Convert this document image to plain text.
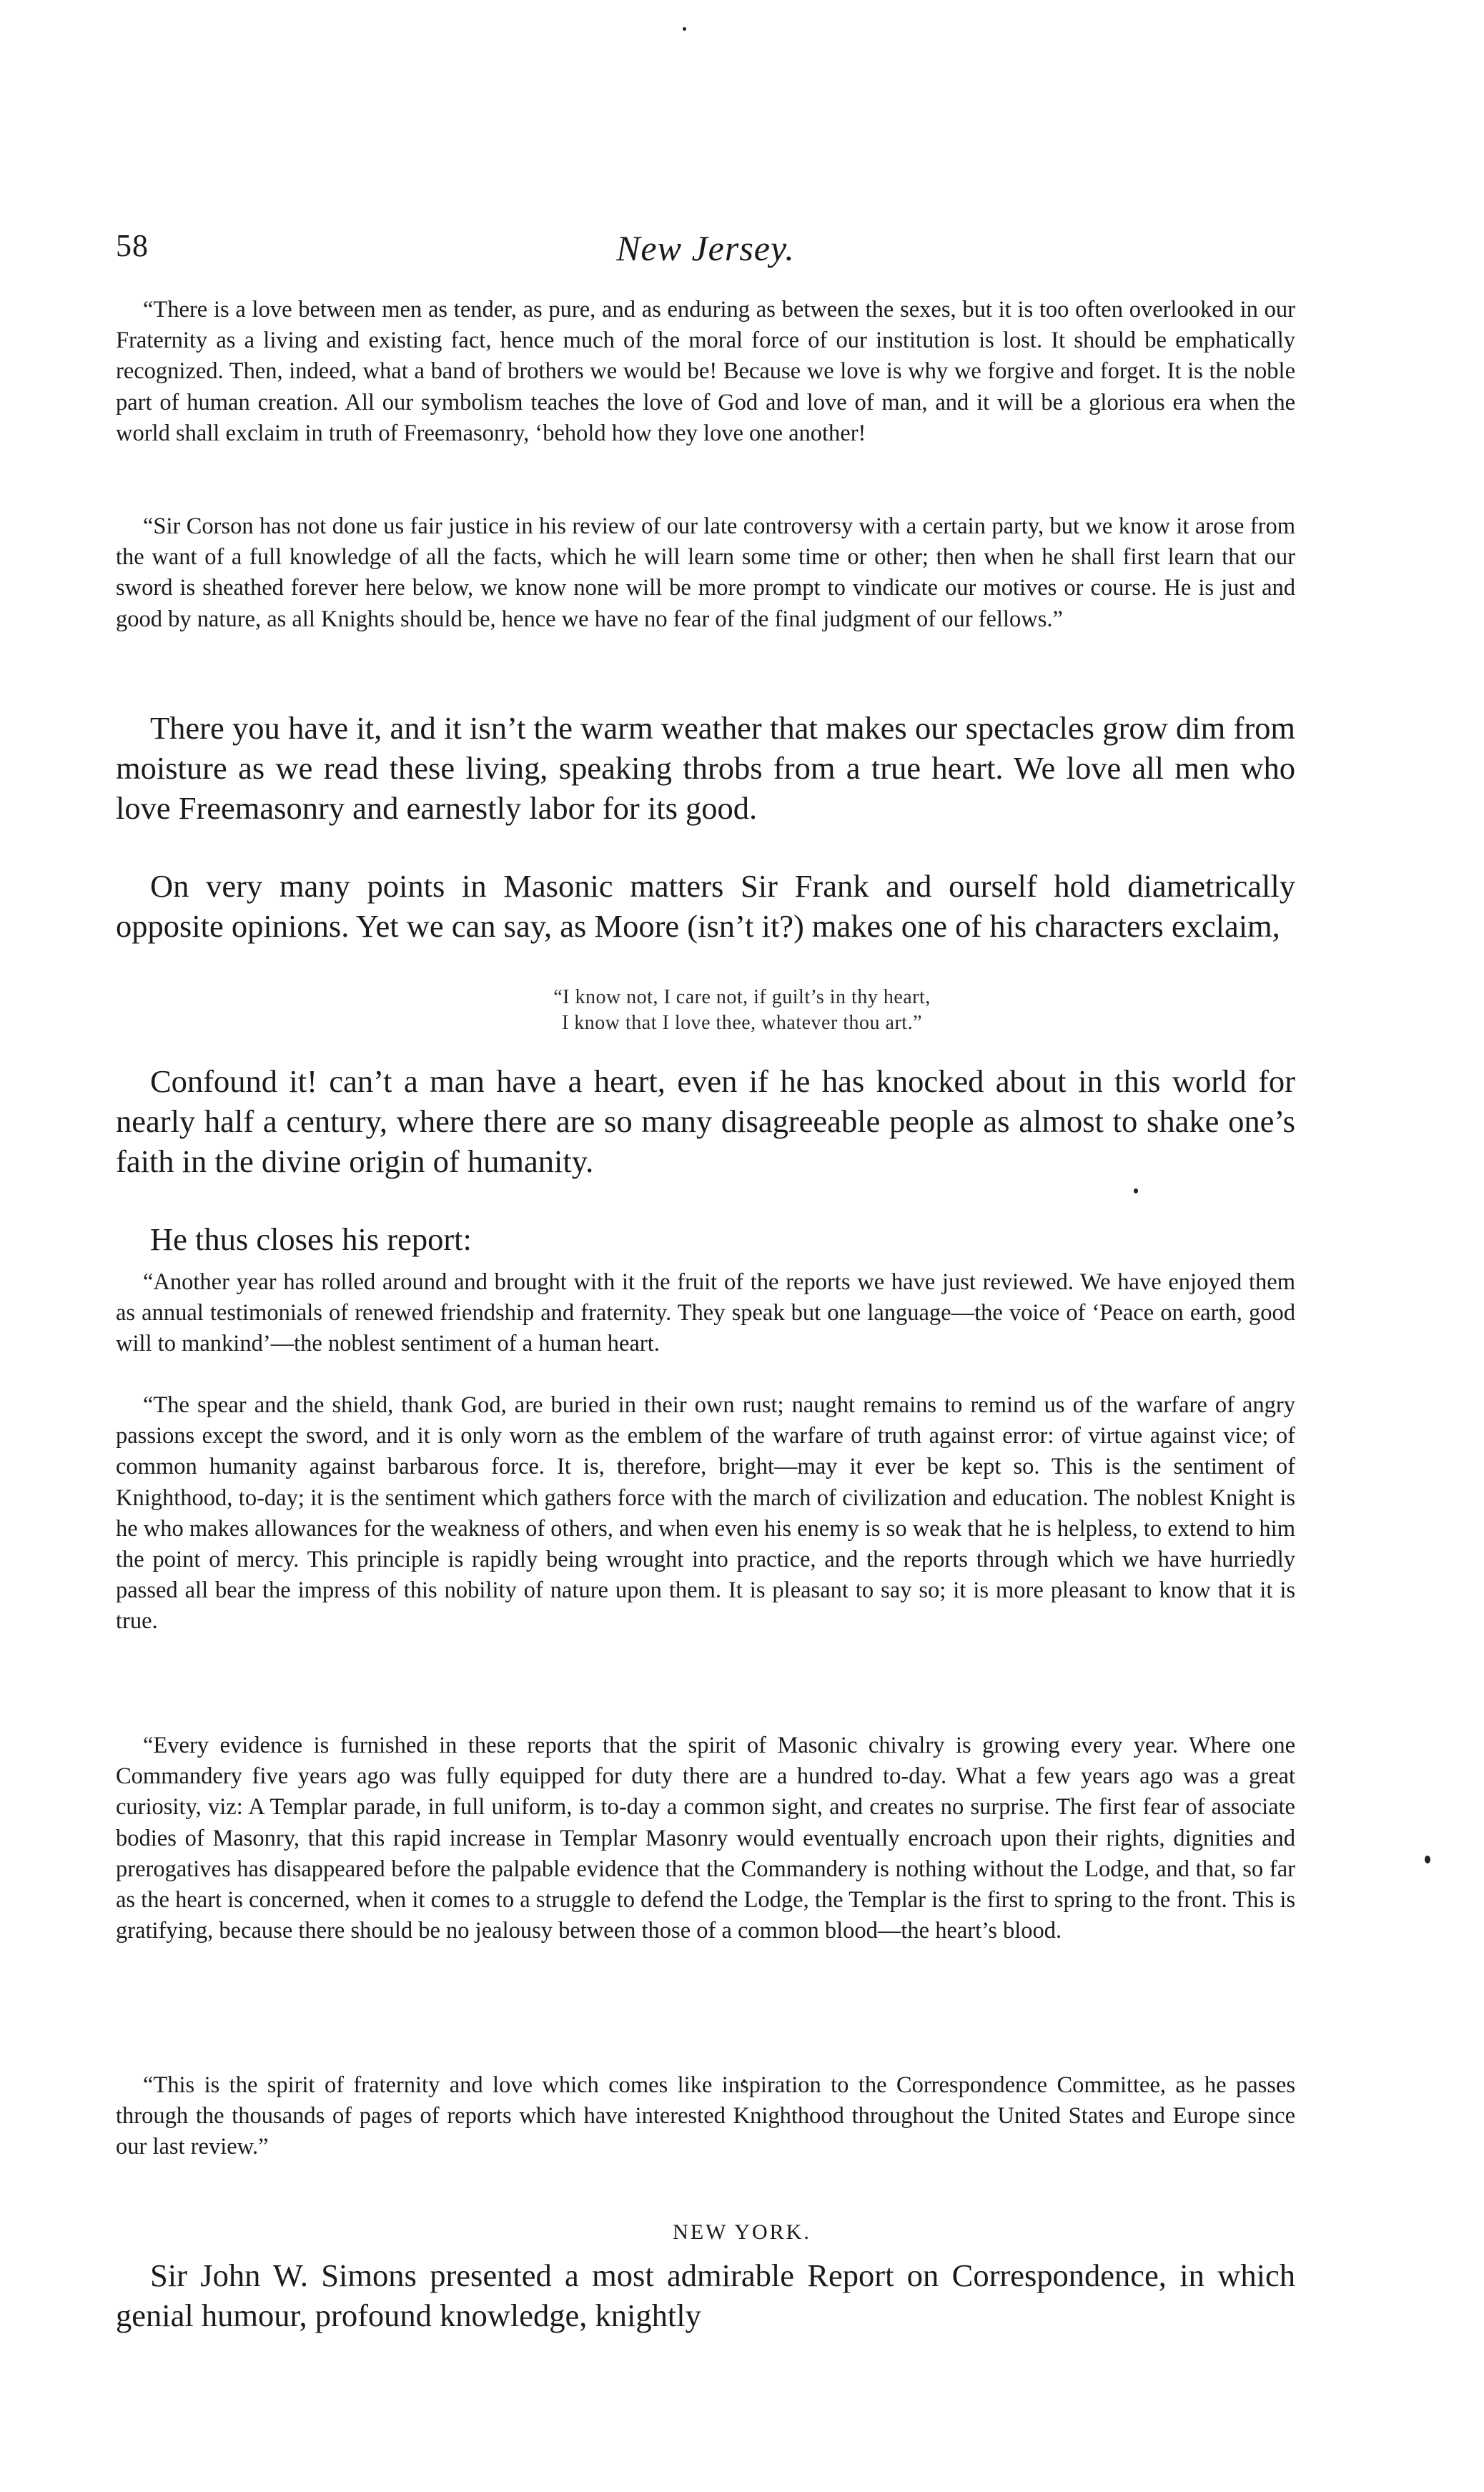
58	New Jersey.

“There is a love between men as tender, as pure, and as enduring as between the sexes, but it is too often overlooked in our Fraternity as a living and existing fact, hence much of the moral force of our institution is lost. It should be emphatically recognized. Then, indeed, what a band of brothers we would be! Because we love is why we forgive and forget. It is the noble part of human creation. All our symbolism teaches the love of God and love of man, and it will be a glorious era when the world shall exclaim in truth of Freemasonry, ‘behold how they love one another!

“Sir Corson has not done us fair justice in his review of our late controversy with a certain party, but we know it arose from the want of a full knowledge of all the facts, which he will learn some time or other; then when he shall first learn that our sword is sheathed forever here below, we know none will be more prompt to vindicate our motives or course. He is just and good by nature, as all Knights should be, hence we have no fear of the final judgment of our fellows.”

There you have it, and it isn’t the warm weather that makes our spectacles grow dim from moisture as we read these living, speaking throbs from a true heart. We love all men who love Freemasonry and earnestly labor for its good.

On very many points in Masonic matters Sir Frank and ourself hold diametrically opposite opinions. Yet we can say, as Moore (isn’t it?) makes one of his characters exclaim,

“I know not, I care not, if guilt’s in thy heart,

I know that I love thee, whatever thou art.”

Confound it! can’t a man have a heart, even if he has knocked about in this world for nearly half a century, where there are so many disagreeable people as almost to shake one’s faith in the divine origin of humanity.

He thus closes his report:

“Another year has rolled around and brought with it the fruit of the reports we have just reviewed. We have enjoyed them as annual testimonials of renewed friendship and fraternity. They speak but one language—the voice of ‘Peace on earth, good will to mankind’—the noblest sentiment of a human heart.

“The spear and the shield, thank God, are buried in their own rust; naught remains to remind us of the warfare of angry passions except the sword, and it is only worn as the emblem of the warfare of truth against error: of virtue against vice; of common humanity against barbarous force. It is, therefore, bright—may it ever be kept so. This is the sentiment of Knighthood, to-day; it is the sentiment which gathers force with the march of civilization and education. The noblest Knight is he who makes allowances for the weakness of others, and when even his enemy is so weak that he is helpless, to extend to him the point of mercy. This principle is rapidly being wrought into practice, and the reports through which we have hurriedly passed all bear the impress of this nobility of nature upon them. It is pleasant to say so; it is more pleasant to know that it is true.

“Every evidence is furnished in these reports that the spirit of Masonic chivalry is growing every year. Where one Commandery five years ago was fully equipped for duty there are a hundred to-day. What a few years ago was a great curiosity, viz: A Templar parade, in full uniform, is to-day a common sight, and creates no surprise. The first fear of associate bodies of Masonry, that this rapid increase in Templar Masonry would eventually encroach upon their rights, dignities and prerogatives has disappeared before the palpable evidence that the Commandery is nothing without the Lodge, and that, so far as the heart is concerned, when it comes to a struggle to defend the Lodge, the Templar is the first to spring to the front. This is gratifying, because there should be no jealousy between those of a common blood—the heart’s blood.

“This is the spirit of fraternity and love which comes like inspiration to the Correspondence Committee, as he passes through the thousands of pages of reports which have interested Knighthood throughout the United States and Europe since our last review.”

NEW YORK.

Sir John W. Simons presented a most admirable Report on Correspondence, in which genial humour, profound knowledge, knightly
